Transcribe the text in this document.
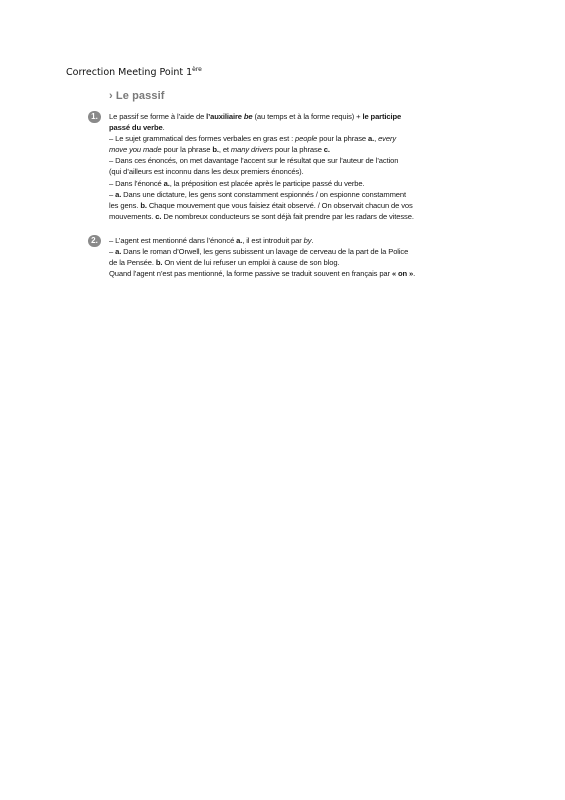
Correction Meeting Point 1ère
› Le passif
1.	Le passif se forme à l’aide de l’auxiliaire be (au temps et à la forme requis) + le participe
passé du verbe.
– Le sujet grammatical des formes verbales en gras est : people pour la phrase a., every
move you made pour la phrase b., et many drivers pour la phrase c.
– Dans ces énoncés, on met davantage l’accent sur le résultat que sur l’auteur de l’action
(qui d’ailleurs est inconnu dans les deux premiers énoncés).
– Dans l’énoncé a., la préposition est placée après le participe passé du verbe.
– a. Dans une dictature, les gens sont constamment espionnés / on espionne constamment
les gens. b. Chaque mouvement que vous faisiez était observé. / On observait chacun de vos
mouvements. c. De nombreux conducteurs se sont déjà fait prendre par les radars de vitesse.
2.	– L’agent est mentionné dans l’énoncé a., il est introduit par by.
– a. Dans le roman d’Orwell, les gens subissent un lavage de cerveau de la part de la Police
de la Pensée. b. On vient de lui refuser un emploi à cause de son blog.
Quand l’agent n’est pas mentionné, la forme passive se traduit souvent en français par « on ».
